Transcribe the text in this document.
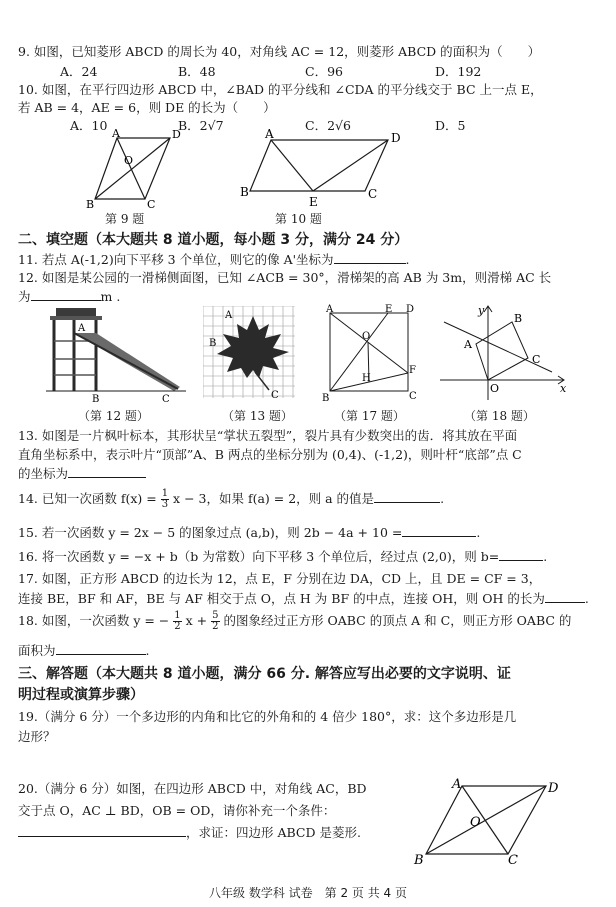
9. 如图，已知菱形 ABCD 的周长为 40，对角线 AC = 12，则菱形 ABCD 的面积为（　　）
A．24	B．48	C．96	D．192
10. 如图，在平行四边形 ABCD 中，∠BAD 的平分线和 ∠CDA 的平分线交于 BC 上一点 E，
若 AB = 4，AE = 6，则 DE 的长为（　　）
A．10	B．2√7	C．2√6	D．5
A	D
O
B	C
第 9 题
A	D
B
E
C
第 10 题
二、填空题（本大题共 8 道小题，每小题 3 分，满分 24 分）
11. 若点 A(-1,2)向下平移 3 个单位，则它的像 A'坐标为	.
12. 如图是某公园的一滑梯侧面图，已知 ∠ACB = 30°，滑梯架的高 AB 为 3m，则滑梯 AC 长
为	m .
A
B	C
（第 12 题）
A
B
C
（第 13 题）
A	E D
O
B
H
F
C
（第 17 题）
y
B
A
C
O	x
（第 18 题）
13. 如图是一片枫叶标本，其形状呈“掌状五裂型”，裂片具有少数突出的齿．将其放在平面
直角坐标系中，表示叶片“顶部”A、B 两点的坐标分别为 (0,4)、(-1,2)，则叶杆“底部”点 C
的坐标为
14. 已知一次函数 $f(x) = \frac{1}{3}$ x − 3，如果 f(a) = 2，则 a 的值是	.
15. 若一次函数 y = 2x − 5 的图象过点 (a,b)，则 2b − 4a + 10 =	.
16. 将一次函数 y = −x + b（b 为常数）向下平移 3 个单位后，经过点 (2,0)，则 b=	.
17. 如图，正方形 ABCD 的边长为 12，点 E，F 分别在边 DA，CD 上，且 DE = CF = 3，
连接 BE，BF 和 AF，BE 与 AF 相交于点 O，点 H 为 BF 的中点，连接 OH，则 OH 的长为	.
18. 如图，一次函数 y = − $\frac{1}{2}$ $x + \frac{5}{2}$ 的图象经过正方形 OABC 的顶点 A 和 C，则正方形 OABC 的
面积为	.
三、解答题（本大题共 8 道小题，满分 66 分. 解答应写出必要的文字说明、证
明过程或演算步骤）
19.（满分 6 分）一个多边形的内角和比它的外角和的 4 倍少 180°，求：这个多边形是几
边形？
20.（满分 6 分）如图，在四边形 ABCD 中，对角线 AC，BD
交于点 O，AC ⊥ BD，OB = OD，请你补充一个条件：
，求证：四边形 ABCD 是菱形.
A	D
O
B	C
八年级 数学科 试卷　第 2 页 共 4 页
